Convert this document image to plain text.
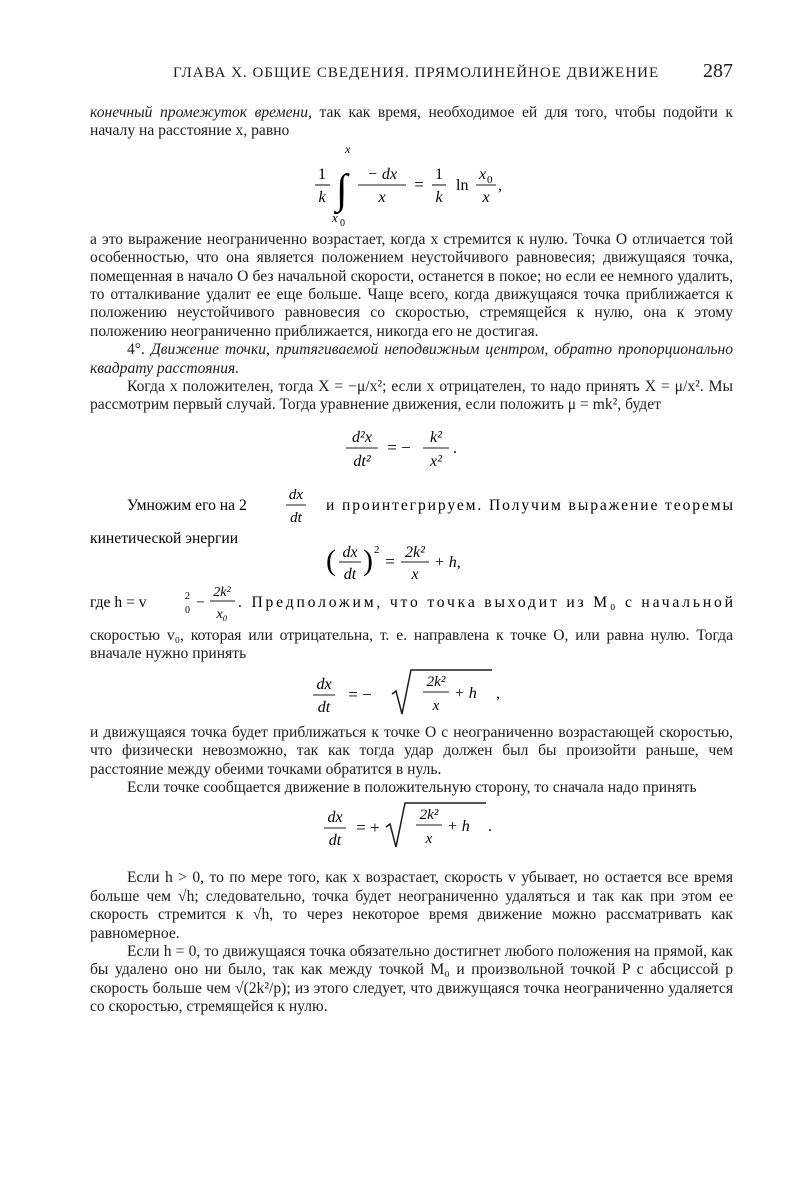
ГЛАВА X. ОБЩИЕ СВЕДЕНИЯ. ПРЯМОЛИНЕЙНОЕ ДВИЖЕНИЕ 287

конечный промежуток времени, так как время, необходимое ей для того, чтобы подойти к началу на расстояние x, равно

1
k ∫
x
x 0
− dx
x
=
1
k
ln
x 0
x
,

а это выражение неограниченно возрастает, когда x стремится к нулю. Точка O отличается той особенностью, что она является положением неустойчивого равновесия; движущаяся точка, помещенная в начало O без начальной скорости, останется в покое; но если ее немного удалить, то отталкивание удалит ее еще больше. Чаще всего, когда движущаяся точка приближается к положению неустойчивого равновесия со скоростью, стремящейся к нулю, она к этому положению неограниченно приближается, никогда его не достигая.

4°. Движение точки, притягиваемой неподвижным центром, обратно пропорционально квадрату расстояния.

Когда x положителен, тогда X = −μ/x²; если x отрицателен, то надо принять X = μ/x². Мы рассмотрим первый случай. Тогда уравнение движения, если положить μ = mk², будет

d²x
dt²
= −
k²
x²
.
Умножим его на 2
dx
dt
и проинтегрируем. Получим выражение теоремы
кинетической энергии
( dx
dt ) 2
= 2k²
x
+ h,
где h = v	0
2 −
2k²
x₀
. Предположим, что точка выходит из M₀ с начальной

скоростью v₀, которая или отрицательна, т. е. направлена к точке O, или равна нулю. Тогда вначале нужно принять

dx
dt
= −
2k²
x
+ h ,

и движущаяся точка будет приближаться к точке O с неограниченно возрастающей скоростью, что физически невозможно, так как тогда удар должен был бы произойти раньше, чем расстояние между обеими точками обратится в нуль.

Если точке сообщается движение в положительную сторону, то сначала надо принять

dx
dt
= +
2k²
x
+ h .

Если h > 0, то по мере того, как x возрастает, скорость v убывает, но остается все время больше чем √h; следовательно, точка будет неограниченно удаляться и так как при этом ее скорость стремится к √h, то через некоторое время движение можно рассматривать как равномерное.

Если h = 0, то движущаяся точка обязательно достигнет любого положения на прямой, как бы удалено оно ни было, так как между точкой M₀ и произвольной точкой P с абсциссой p скорость больше чем √(2k²/p); из этого следует, что движущаяся точка неограниченно удаляется со скоростью, стремящейся к нулю.
